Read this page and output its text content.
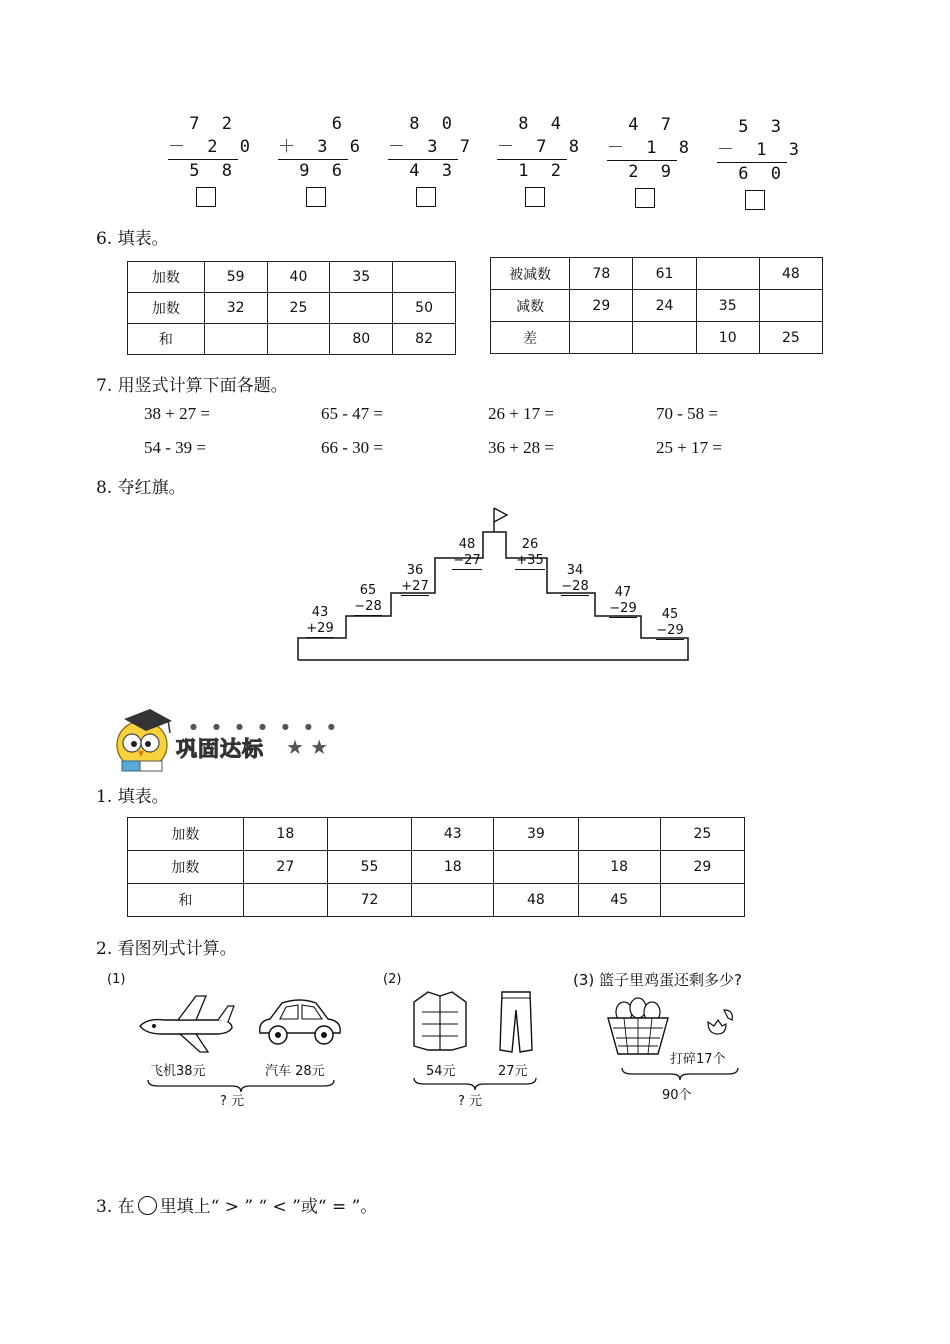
7 2
－ 2 0
5 8
6
＋ 3 6
9 6
8 0
－ 3 7
4 3
8 4
－ 7 8
1 2
4 7
－ 1 8
2 9
5 3
－ 1 3
6 0
6. 填表。
加数	59	40	35	
加数	32	25		50
和			80	82
被减数	78	61		48
减数	29	24	35	
差			10	25
7. 用竖式计算下面各题。
38 + 27 =	65 - 47 =	26 + 17 =	70 - 58 =
54 - 39 =	66 - 30 =	36 + 28 =	25 + 17 =
8. 夺红旗。
43
+29
65
−28
36
+27
48
−27
26
+35
34
−28	47
−29	45
−29
●●●●●●●
巩固达标 ★ ★
1. 填表。
加数	18		43	39		25
加数	27	55	18		18	29
和		72		48	45	
2. 看图列式计算。
(1)
飞机38元	汽车 28元
? 元
(2)
54元	27元
? 元
(3) 篮子里鸡蛋还剩多少?
打碎17个
90个
3. 在 里填上“ > ” “ < ”或“ = ”。
